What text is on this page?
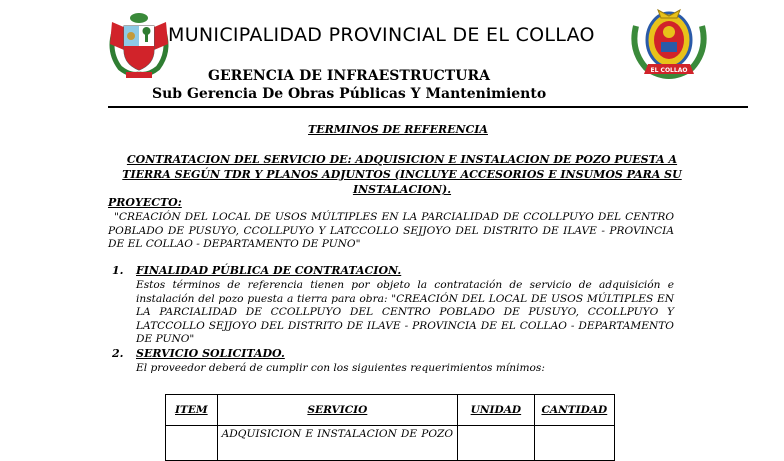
MUNICIPALIDAD PROVINCIAL DE EL COLLAO
EL COLLAO
GERENCIA DE INFRAESTRUCTURA
Sub Gerencia De Obras Públicas Y Mantenimiento
TERMINOS DE REFERENCIA
CONTRATACION DEL SERVICIO DE: ADQUISICION E INSTALACION DE POZO PUESTA A TIERRA SEGÚN TDR Y PLANOS ADJUNTOS (INCLUYE ACCESORIOS E INSUMOS PARA SU INSTALACION).
PROYECTO:
"CREACIÓN DEL LOCAL DE USOS MÚLTIPLES EN LA PARCIALIDAD DE CCOLLPUYO DEL CENTRO POBLADO DE PUSUYO, CCOLLPUYO Y LATCCOLLO SEJJOYO DEL DISTRITO DE ILAVE - PROVINCIA DE EL COLLAO - DEPARTAMENTO DE PUNO"
1. FINALIDAD PÚBLICA DE CONTRATACION.
Estos términos de referencia tienen por objeto la contratación de servicio de adquisición e instalación del pozo puesta a tierra para obra: "CREACIÓN DEL LOCAL DE USOS MÚLTIPLES EN LA PARCIALIDAD DE CCOLLPUYO DEL CENTRO POBLADO DE PUSUYO, CCOLLPUYO Y LATCCOLLO SEJJOYO DEL DISTRITO DE ILAVE - PROVINCIA DE EL COLLAO - DEPARTAMENTO DE PUNO"
2. SERVICIO SOLICITADO.
El proveedor deberá de cumplir con los siguientes requerimientos mínimos:
ITEM	SERVICIO	UNIDAD	CANTIDAD
	ADQUISICION E INSTALACION DE POZO		
